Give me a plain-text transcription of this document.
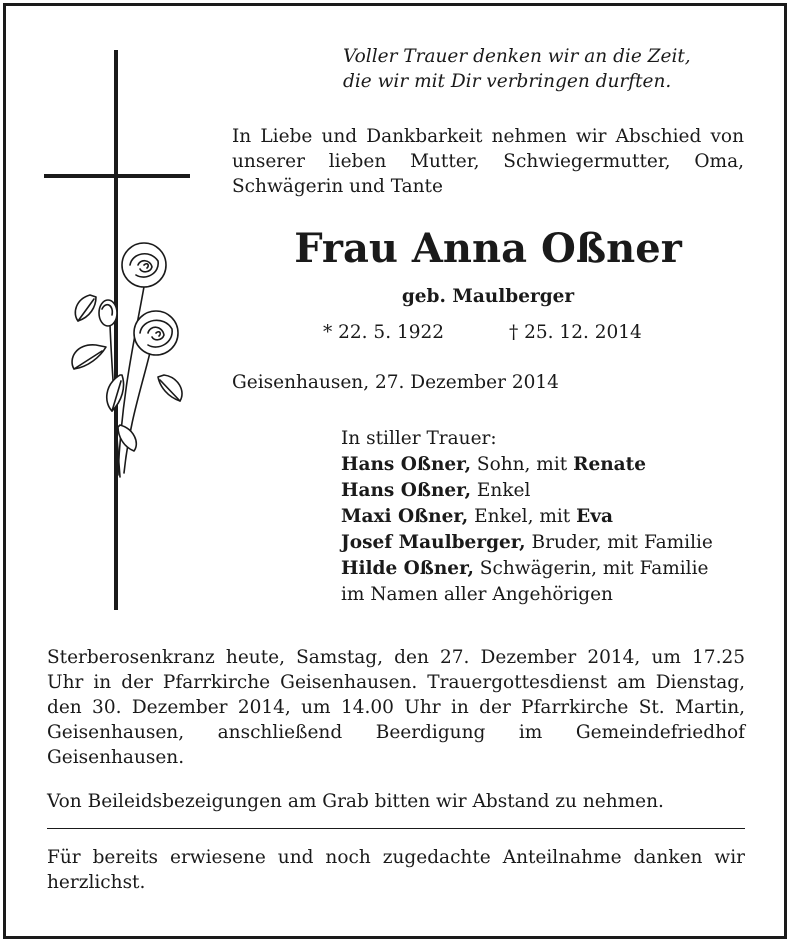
Voller Trauer denken wir an die Zeit,
die wir mit Dir verbringen durften.
In Liebe und Dankbarkeit nehmen wir Abschied von unserer lieben Mutter, Schwiegermutter, Oma, Schwägerin und Tante
Frau Anna Oßner
geb. Maulberger
* 22. 5. 1922	† 25. 12. 2014
Geisenhausen, 27. Dezember 2014
In stiller Trauer:
Hans Oßner, Sohn, mit Renate
Hans Oßner, Enkel
Maxi Oßner, Enkel, mit Eva
Josef Maulberger, Bruder, mit Familie
Hilde Oßner, Schwägerin, mit Familie
im Namen aller Angehörigen
Sterberosenkranz heute, Samstag, den 27. Dezember 2014, um 17.25 Uhr in der Pfarrkirche Geisenhausen. Trauergottesdienst am Dienstag, den 30. Dezember 2014, um 14.00 Uhr in der Pfarrkirche St. Martin, Geisenhausen, anschließend Beerdigung im Gemeindefriedhof Geisenhausen.
Von Beileidsbezeigungen am Grab bitten wir Abstand zu nehmen.
Für bereits erwiesene und noch zugedachte Anteilnahme danken wir herzlichst.
